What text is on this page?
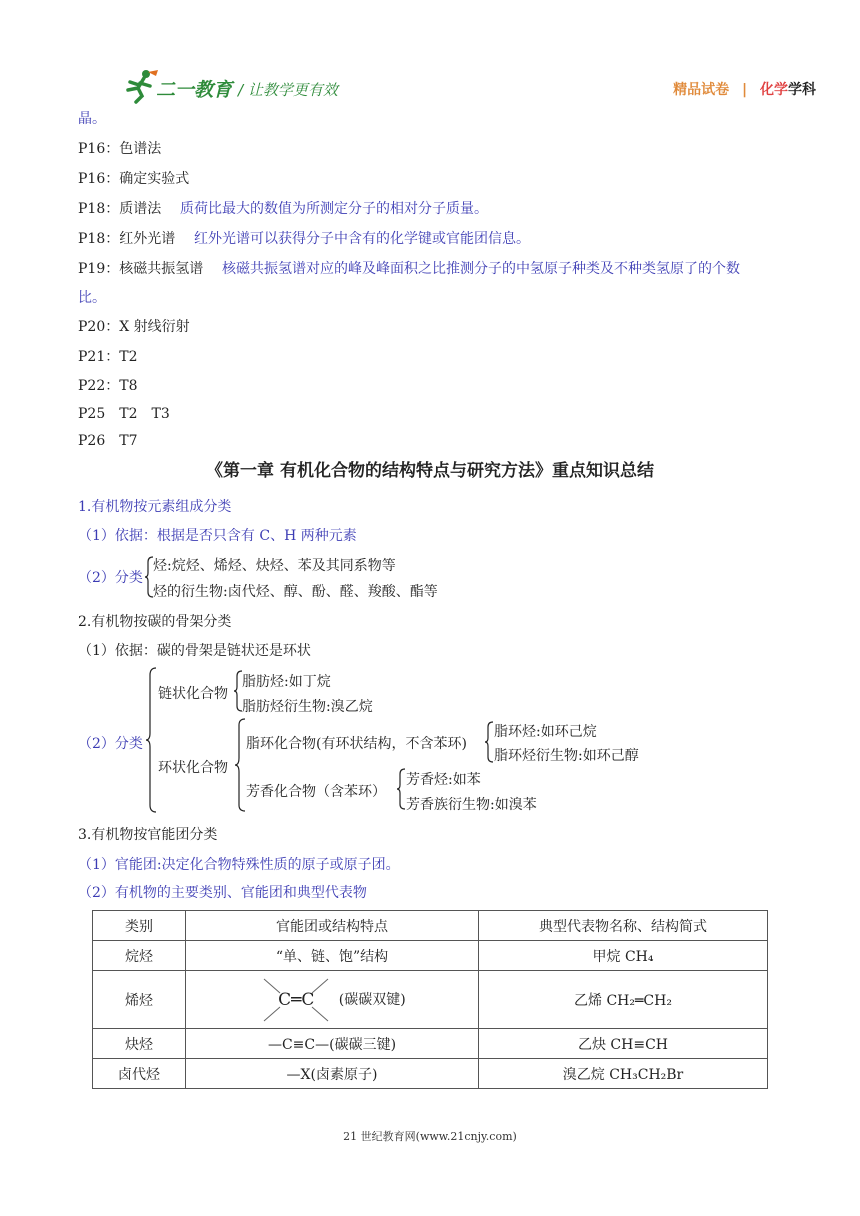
二一教育 / 让教学更有效	精品试卷 | 化学学科
晶。
P16：色谱法
P16：确定实验式
P18：质谱法 质荷比最大的数值为所测定分子的相对分子质量。
P18：红外光谱 红外光谱可以获得分子中含有的化学键或官能团信息。
P19：核磁共振氢谱 核磁共振氢谱对应的峰及峰面积之比推测分子的中氢原子种类及不种类氢原了的个数
比。
P20：X 射线衍射
P21：T2
P22：T8
P25　T2　T3
P26　T7
《第一章 有机化合物的结构特点与研究方法》重点知识总结
1.有机物按元素组成分类
（1）依据：根据是否只含有 C、H 两种元素
（2）分类
烃:烷烃、烯烃、炔烃、苯及其同系物等
烃的衍生物:卤代烃、醇、酚、醛、羧酸、酯等
2.有机物按碳的骨架分类
（1）依据：碳的骨架是链状还是环状
（2）分类
链状化合物
脂肪烃:如丁烷
脂肪烃衍生物:溴乙烷
环状化合物
脂环化合物(有环状结构，不含苯环)
脂环烃:如环己烷
脂环烃衍生物:如环己醇
芳香化合物（含苯环）
芳香烃:如苯
芳香族衍生物:如溴苯
3.有机物按官能团分类
（1）官能团:决定化合物特殊性质的原子或原子团。
（2）有机物的主要类别、官能团和典型代表物
类别	官能团或结构特点	典型代表物名称、结构简式
烷烃	“单、链、饱”结构	甲烷 CH₄
烯烃	C═C (碳碳双键)	乙烯 CH₂═CH₂
炔烃	—C≡C—(碳碳三键)	乙炔 CH≡CH
卤代烃	—X(卤素原子)	溴乙烷 CH₃CH₂Br
21 世纪教育网(www.21cnjy.com)
